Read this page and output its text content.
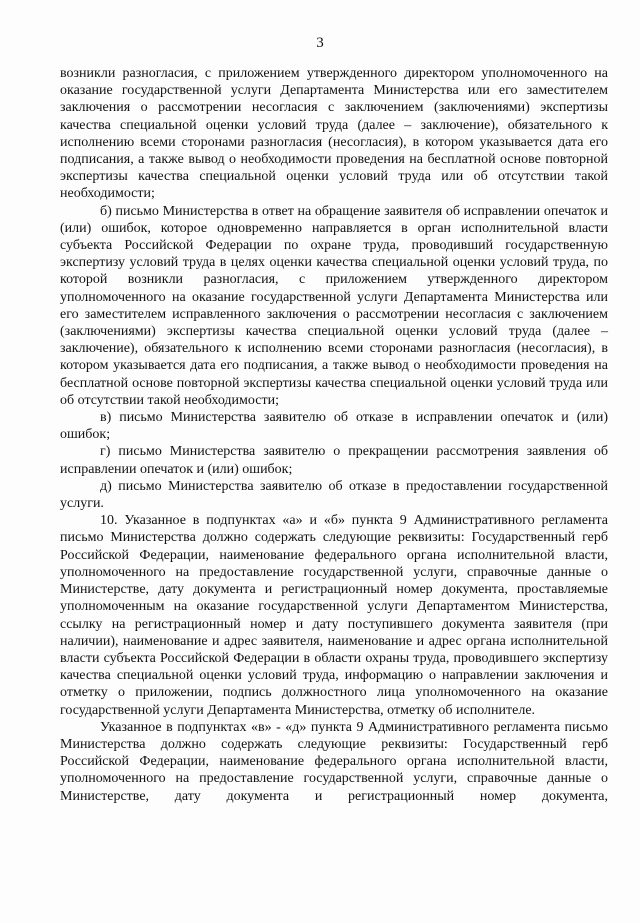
3

возникли разногласия, с приложением утвержденного директором уполномоченного на оказание государственной услуги Департамента Министерства или его заместителем заключения о рассмотрении несогласия с заключением (заключениями) экспертизы качества специальной оценки условий труда (далее – заключение), обязательного к исполнению всеми сторонами разногласия (несогласия), в котором указывается дата его подписания, а также вывод о необходимости проведения на бесплатной основе повторной экспертизы качества специальной оценки условий труда или об отсутствии такой необходимости;

б) письмо Министерства в ответ на обращение заявителя об исправлении опечаток и (или) ошибок, которое одновременно направляется в орган исполнительной власти субъекта Российской Федерации по охране труда, проводивший государственную экспертизу условий труда в целях оценки качества специальной оценки условий труда, по которой возникли разногласия, с приложением утвержденного директором уполномоченного на оказание государственной услуги Департамента Министерства или его заместителем исправленного заключения о рассмотрении несогласия с заключением (заключениями) экспертизы качества специальной оценки условий труда (далее – заключение), обязательного к исполнению всеми сторонами разногласия (несогласия), в котором указывается дата его подписания, а также вывод о необходимости проведения на бесплатной основе повторной экспертизы качества специальной оценки условий труда или об отсутствии такой необходимости;

в) письмо Министерства заявителю об отказе в исправлении опечаток и (или) ошибок;

г) письмо Министерства заявителю о прекращении рассмотрения заявления об исправлении опечаток и (или) ошибок;

д) письмо Министерства заявителю об отказе в предоставлении государственной услуги.

10. Указанное в подпунктах «а» и «б» пункта 9 Административного регламента письмо Министерства должно содержать следующие реквизиты: Государственный герб Российской Федерации, наименование федерального органа исполнительной власти, уполномоченного на предоставление государственной услуги, справочные данные о Министерстве, дату документа и регистрационный номер документа, проставляемые уполномоченным на оказание государственной услуги Департаментом Министерства, ссылку на регистрационный номер и дату поступившего документа заявителя (при наличии), наименование и адрес заявителя, наименование и адрес органа исполнительной власти субъекта Российской Федерации в области охраны труда, проводившего экспертизу качества специальной оценки условий труда, информацию о направлении заключения и отметку о приложении, подпись должностного лица уполномоченного на оказание государственной услуги Департамента Министерства, отметку об исполнителе.

Указанное в подпунктах «в» - «д» пункта 9 Административного регламента письмо Министерства должно содержать следующие реквизиты: Государственный герб Российской Федерации, наименование федерального органа исполнительной власти, уполномоченного на предоставление государственной услуги, справочные данные о Министерстве, дату документа и регистрационный номер документа,
